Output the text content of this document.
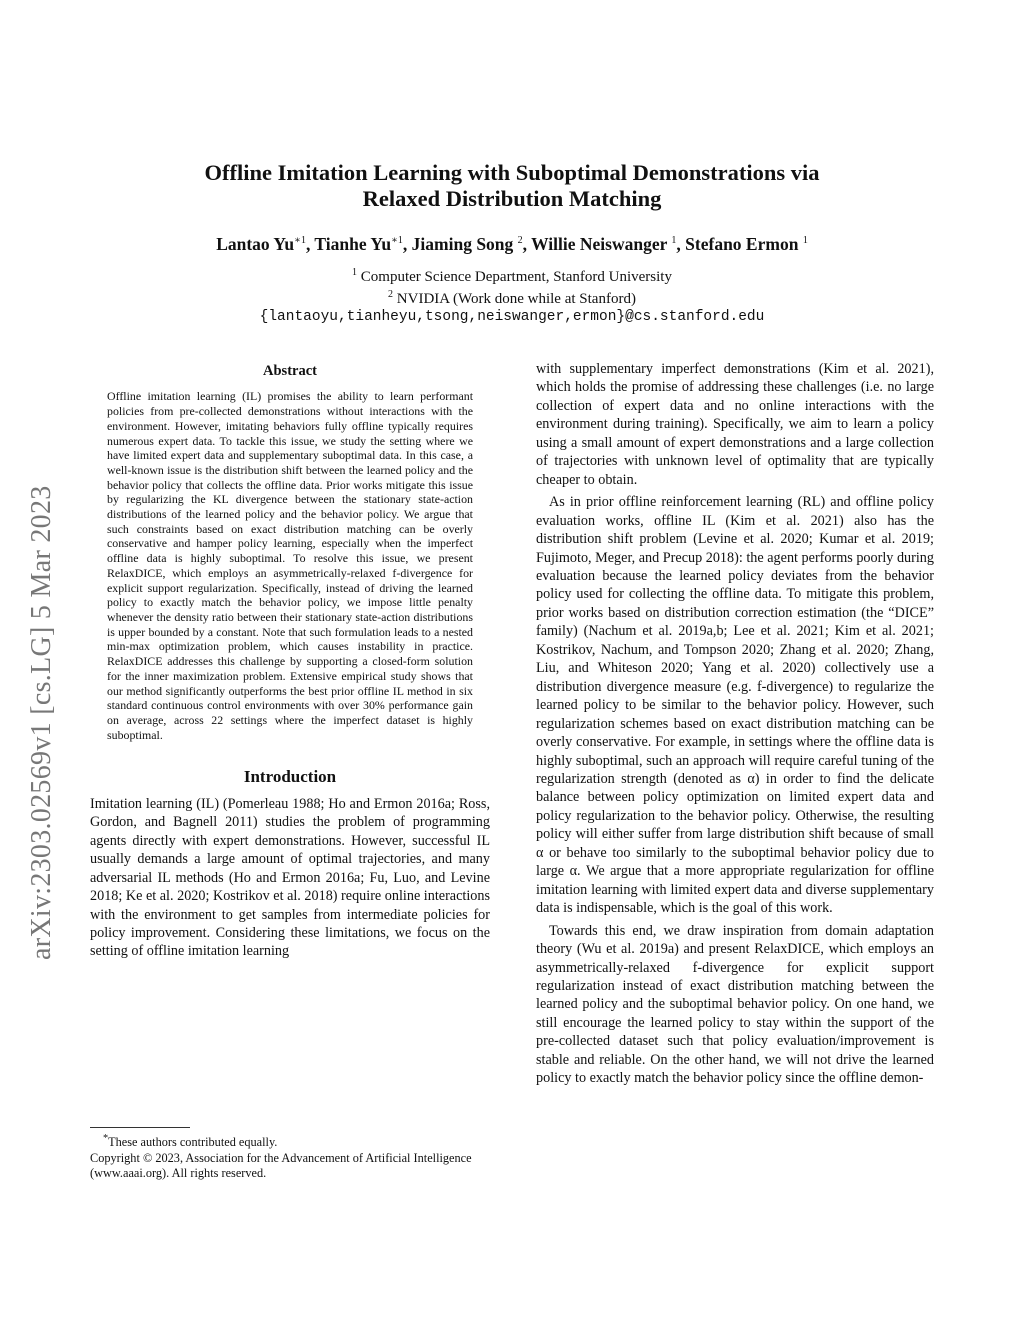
arXiv:2303.02569v1 [cs.LG] 5 Mar 2023
Offline Imitation Learning with Suboptimal Demonstrations via
Relaxed Distribution Matching
Lantao $Yu^{∗1}$, Tianhe $Yu^{∗1}$, Jiaming Song $^2$, Willie Neiswanger $^1$, Stefano Ermon $^1$
$^1$ Computer Science Department, Stanford University
$^2$ NVIDIA (Work done while at Stanford)
{lantaoyu,tianheyu,tsong,neiswanger,ermon}@cs.stanford.edu
Abstract

Offline imitation learning (IL) promises the ability to learn performant policies from pre-collected demonstrations without interactions with the environment. However, imitating behaviors fully offline typically requires numerous expert data. To tackle this issue, we study the setting where we have limited expert data and supplementary suboptimal data. In this case, a well-known issue is the distribution shift between the learned policy and the behavior policy that collects the offline data. Prior works mitigate this issue by regularizing the KL divergence between the stationary state-action distributions of the learned policy and the behavior policy. We argue that such constraints based on exact distribution matching can be overly conservative and hamper policy learning, especially when the imperfect offline data is highly suboptimal. To resolve this issue, we present RelaxDICE, which employs an asymmetrically-relaxed f-divergence for explicit support regularization. Specifically, instead of driving the learned policy to exactly match the behavior policy, we impose little penalty whenever the density ratio between their stationary state-action distributions is upper bounded by a constant. Note that such formulation leads to a nested min-max optimization problem, which causes instability in practice. RelaxDICE addresses this challenge by supporting a closed-form solution for the inner maximization problem. Extensive empirical study shows that our method significantly outperforms the best prior offline IL method in six standard continuous control environments with over 30% performance gain on average, across 22 settings where the imperfect dataset is highly suboptimal.

Introduction

Imitation learning (IL) (Pomerleau 1988; Ho and Ermon 2016a; Ross, Gordon, and Bagnell 2011) studies the problem of programming agents directly with expert demonstrations. However, successful IL usually demands a large amount of optimal trajectories, and many adversarial IL methods (Ho and Ermon 2016a; Fu, Luo, and Levine 2018; Ke et al. 2020; Kostrikov et al. 2018) require online interactions with the environment to get samples from intermediate policies for policy improvement. Considering these limitations, we focus on the setting of offline imitation learning

*These authors contributed equally.
Copyright © 2023, Association for the Advancement of Artificial Intelligence (www.aaai.org). All rights reserved.

with supplementary imperfect demonstrations (Kim et al. 2021), which holds the promise of addressing these challenges (i.e. no large collection of expert data and no online interactions with the environment during training). Specifically, we aim to learn a policy using a small amount of expert demonstrations and a large collection of trajectories with unknown level of optimality that are typically cheaper to obtain.

As in prior offline reinforcement learning (RL) and offline policy evaluation works, offline IL (Kim et al. 2021) also has the distribution shift problem (Levine et al. 2020; Kumar et al. 2019; Fujimoto, Meger, and Precup 2018): the agent performs poorly during evaluation because the learned policy deviates from the behavior policy used for collecting the offline data. To mitigate this problem, prior works based on distribution correction estimation (the “DICE” family) (Nachum et al. 2019a,b; Lee et al. 2021; Kim et al. 2021; Kostrikov, Nachum, and Tompson 2020; Zhang et al. 2020; Zhang, Liu, and Whiteson 2020; Yang et al. 2020) collectively use a distribution divergence measure (e.g. f-divergence) to regularize the learned policy to be similar to the behavior policy. However, such regularization schemes based on exact distribution matching can be overly conservative. For example, in settings where the offline data is highly suboptimal, such an approach will require careful tuning of the regularization strength (denoted as α) in order to find the delicate balance between policy optimization on limited expert data and policy regularization to the behavior policy. Otherwise, the resulting policy will either suffer from large distribution shift because of small α or behave too similarly to the suboptimal behavior policy due to large α. We argue that a more appropriate regularization for offline imitation learning with limited expert data and diverse supplementary data is indispensable, which is the goal of this work.

Towards this end, we draw inspiration from domain adaptation theory (Wu et al. 2019a) and present RelaxDICE, which employs an asymmetrically-relaxed f-divergence for explicit support regularization instead of exact distribution matching between the learned policy and the suboptimal behavior policy. On one hand, we still encourage the learned policy to stay within the support of the pre-collected dataset such that policy evaluation/improvement is stable and reliable. On the other hand, we will not drive the learned policy to exactly match the behavior policy since the offline demon-
